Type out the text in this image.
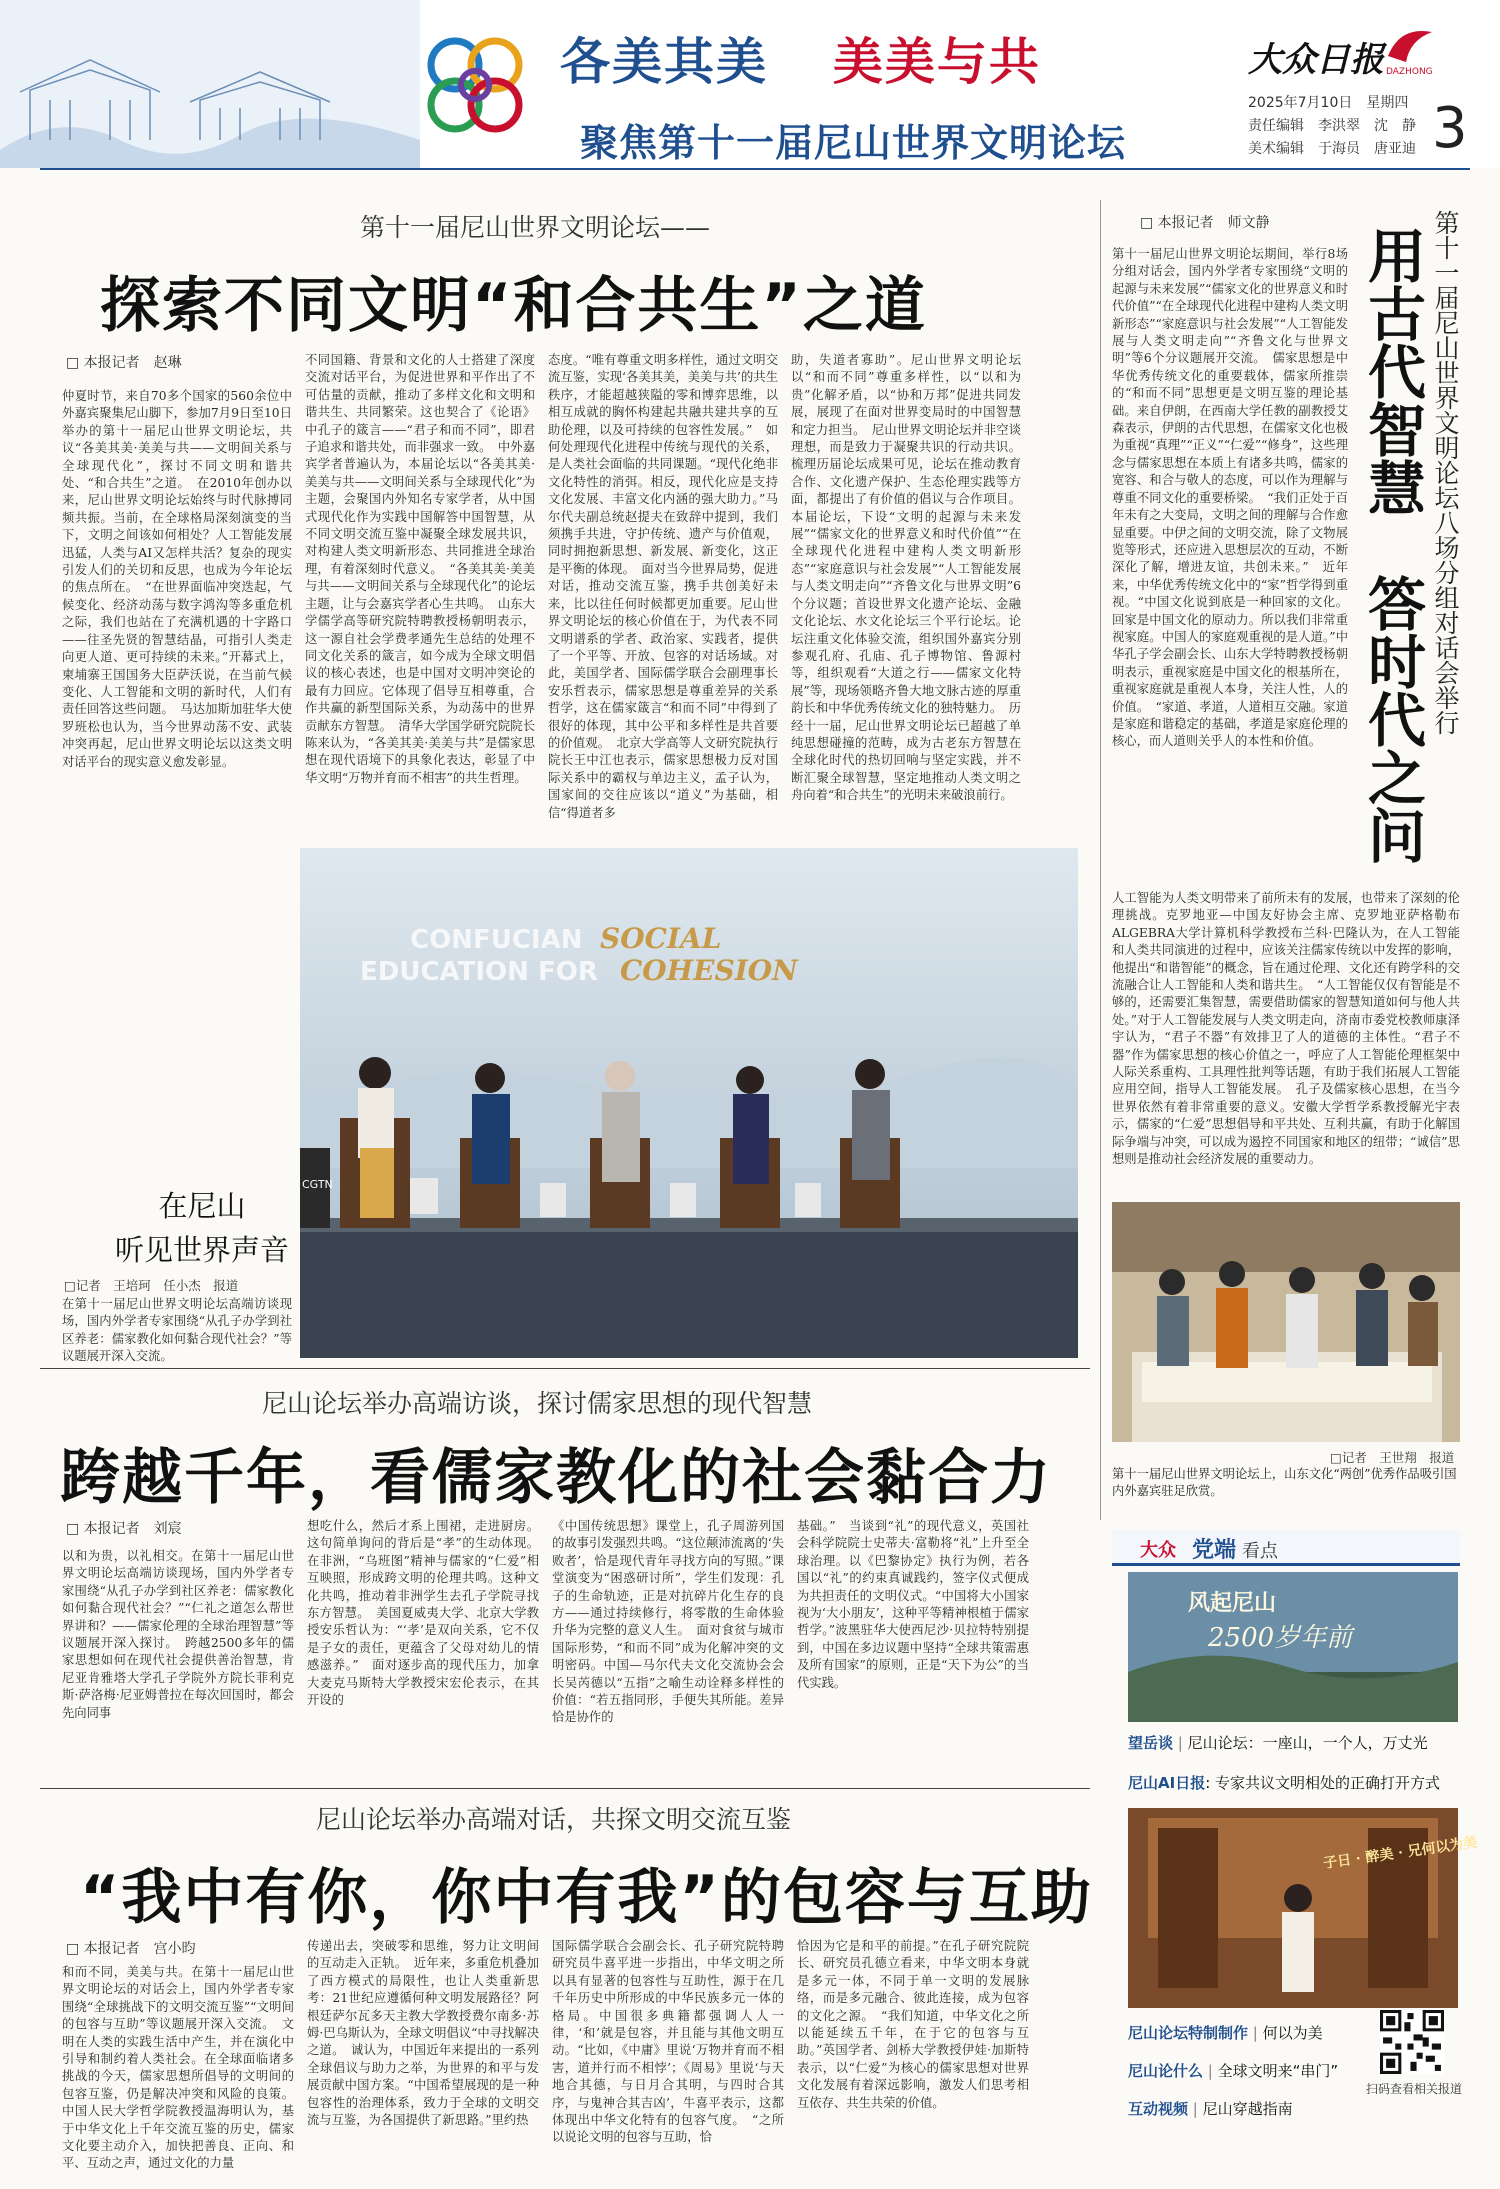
各美其美 美美与共
聚焦第十一届尼山世界文明论坛
大众日报 DAZHONG
2025年7月10日　星期四
责任编辑　李洪翠　沈　静
美术编辑　于海员　唐亚迪 3
第十一届尼山世界文明论坛——
探索不同文明“和合共生”之道
□ 本报记者　赵琳
仲夏时节，来自70多个国家的560余位中外嘉宾聚集尼山脚下，参加7月9日至10日举办的第十一届尼山世界文明论坛，共议“各美其美·美美与共——文明间关系与全球现代化”，探讨不同文明和谐共处、“和合共生”之道。　在2010年创办以来，尼山世界文明论坛始终与时代脉搏同频共振。当前，在全球格局深刻演变的当下，文明之间该如何相处？人工智能发展迅猛，人类与AI又怎样共活？复杂的现实引发人们的关切和反思，也成为今年论坛的焦点所在。　“在世界面临冲突迭起，气候变化、经济动荡与数字鸿沟等多重危机之际，我们也站在了充满机遇的十字路口——往圣先贤的智慧结晶，可指引人类走向更人道、更可持续的未来。”开幕式上，柬埔寨王国国务大臣萨沃说，在当前气候变化、人工智能和文明的新时代，人们有责任回答这些问题。　马达加斯加驻华大使罗班松也认为，当今世界动荡不安、武装冲突再起，尼山世界文明论坛以这类文明对话平台的现实意义愈发彰显。
不同国籍、背景和文化的人士搭建了深度交流对话平台，为促进世界和平作出了不可估量的贡献，推动了多样文化和文明和谐共生、共同繁荣。这也契合了《论语》中孔子的箴言——“君子和而不同”，即君子追求和谐共处，而非强求一致。　中外嘉宾学者普遍认为，本届论坛以“各美其美·美美与共——文明间关系与全球现代化”为主题，会聚国内外知名专家学者，从中国式现代化作为实践中国解答中国智慧，从不同文明交流互鉴中凝聚全球发展共识，对构建人类文明新形态、共同推进全球治理，有着深刻时代意义。　“各美其美·美美与共——文明间关系与全球现代化”的论坛主题，让与会嘉宾学者心生共鸣。　山东大学儒学高等研究院特聘教授杨朝明表示，这一源自社会学费孝通先生总结的处理不同文化关系的箴言，如今成为全球文明倡议的核心表述，也是中国对文明冲突论的最有力回应。它体现了倡导互相尊重，合作共赢的新型国际关系，为动荡中的世界贡献东方智慧。　清华大学国学研究院院长陈来认为，“各美其美·美美与共”是儒家思想在现代语境下的具象化表达，彰显了中华文明“万物并育而不相害”的共生哲理。
态度。“唯有尊重文明多样性，通过文明交流互鉴，实现‘各美其美，美美与共’的共生秩序，才能超越狭隘的零和博弈思维，以相互成就的胸怀构建起共融共建共享的互助伦理，以及可持续的包容性发展。”　如何处理现代化进程中传统与现代的关系，是人类社会面临的共同课题。“现代化绝非文化特性的消弭。相反，现代化应是支持文化发展、丰富文化内涵的强大助力。”马尔代夫副总统赵提夫在致辞中提到，我们须携手共进，守护传统、遗产与价值观，同时拥抱新思想、新发展、新变化，这正是平衡的体现。　面对当今世界局势，促进对话，推动交流互鉴，携手共创美好未来，比以往任何时候都更加重要。尼山世界文明论坛的核心价值在于，为代表不同文明谱系的学者、政治家、实践者，提供了一个平等、开放、包容的对话场域。对此，美国学者、国际儒学联合会副理事长安乐哲表示，儒家思想是尊重差异的关系哲学，这在儒家箴言“和而不同”中得到了很好的体现，其中公平和多样性是共首要的价值观。　北京大学高等人文研究院执行院长王中江也表示，儒家思想极力反对国际关系中的霸权与单边主义，孟子认为，国家间的交往应该以“道义”为基础，相信“得道者多
助，失道者寡助”。尼山世界文明论坛以“和而不同”尊重多样性，以“以和为贵”化解矛盾，以“协和万邦”促进共同发展，展现了在面对世界变局时的中国智慧和定力担当。　尼山世界文明论坛并非空谈理想，而是致力于凝聚共识的行动共识。梳理历届论坛成果可见，论坛在推动教育合作、文化遗产保护、生态伦理实践等方面，都提出了有价值的倡议与合作项目。本届论坛，下设“文明的起源与未来发展”“儒家文化的世界意义和时代价值”“在全球现代化进程中建构人类文明新形态”“家庭意识与社会发展”“人工智能发展与人类文明走向”“齐鲁文化与世界文明”6个分议题；首设世界文化遗产论坛、金融文化论坛、水文化论坛三个平行论坛。论坛注重文化体验交流，组织国外嘉宾分别参观孔府、孔庙、孔子博物馆、鲁源村等，组织观看“大道之行——儒家文化特展”等，现场领略齐鲁大地文脉古迹的厚重韵长和中华优秀传统文化的独特魅力。　历经十一届，尼山世界文明论坛已超越了单纯思想碰撞的范畴，成为古老东方智慧在全球化时代的热切回响与坚定实践，并不断汇聚全球智慧，坚定地推动人类文明之舟向着“和合共生”的光明未来破浪前行。
CONFUCIAN
EDUCATION FOR
SOCIAL
COHESION
CGTN
在尼山
听见世界声音
□记者　王培珂　任小杰　报道
在第十一届尼山世界文明论坛高端访谈现场，国内外学者专家围绕“从孔子办学到社区养老：儒家教化如何黏合现代社会？”等议题展开深入交流。
尼山论坛举办高端访谈，探讨儒家思想的现代智慧
跨越千年，看儒家教化的社会黏合力
□ 本报记者　刘宸
以和为贵，以礼相交。在第十一届尼山世界文明论坛高端访谈现场，国内外学者专家围绕“从孔子办学到社区养老：儒家教化如何黏合现代社会？”“仁礼之道怎么帮世界讲和？——儒家伦理的全球治理智慧”等议题展开深入探讨。　跨越2500多年的儒家思想如何在现代社会提供善治智慧，肯尼亚肯雅塔大学孔子学院外方院长菲利克斯·萨洛梅·尼亚姆普拉在每次回国时，都会先向同事
想吃什么，然后才系上围裙，走进厨房。这句简单询问的背后是“孝”的生动体现。在非洲，“乌班图”精神与儒家的“仁爱”相互映照，形成跨文明的伦理共鸣。这种文化共鸣，推动着非洲学生去孔子学院寻找东方智慧。　美国夏威夷大学、北京大学教授安乐哲认为：“‘孝’是双向关系，它不仅是子女的责任，更蕴含了父母对幼儿的情感滋养。”　面对逐步高的现代压力，加拿大麦克马斯特大学教授宋宏伦表示，在其开设的
《中国传统思想》课堂上，孔子周游列国的故事引发强烈共鸣。“这位颠沛流离的‘失败者’，恰是现代青年寻找方向的写照。”课堂演变为“困惑研讨所”，学生们发现：孔子的生命轨迹，正是对抗碎片化生存的良方——通过持续修行，将零散的生命体验升华为完整的意义人生。　面对食贫与城市国际形势，“和而不同”成为化解冲突的文明密码。中国—马尔代夫文化交流协会会长吴芮德以“五指”之喻生动诠释多样性的价值：“若五指同形，手便失其所能。差异恰是协作的
基础。”　当谈到“礼”的现代意义，英国社会科学院院士史蒂夫·富勒将“礼”上升至全球治理。以《巴黎协定》执行为例，若各国以“礼”的约束真诚践约，签字仪式便成为共担责任的文明仪式。“中国将大小国家视为‘大小朋友’，这种平等精神根植于儒家哲学。”波黑驻华大使西尼沙·贝拉特特别提到，中国在多边议题中坚持“全球共策需惠及所有国家”的原则，正是“天下为公”的当代实践。
尼山论坛举办高端对话，共探文明交流互鉴
“我中有你，你中有我”的包容与互助
□ 本报记者　宫小昀
和而不同，美美与共。在第十一届尼山世界文明论坛的对话会上，国内外学者专家围绕“全球挑战下的文明交流互鉴”“文明间的包容与互助”等议题展开深入交流。　文明在人类的实践生活中产生，并在演化中引导和制约着人类社会。在全球面临诸多挑战的今天，儒家思想所倡导的文明间的包容互鉴，仍是解决冲突和风险的良策。中国人民大学哲学院教授温海明认为，基于中华文化上千年交流互鉴的历史，儒家文化要主动介入，加快把善良、正向、和平、互动之声，通过文化的力量
传递出去，突破零和思维，努力让文明间的互动走入正轨。　近年来，多重危机叠加了西方模式的局限性，也让人类重新思考：21世纪应遵循何种文明发展路径？阿根廷萨尔瓦多天主教大学教授费尔南多·苏姆·巴乌斯认为，全球文明倡议“中寻找解决之道。　诚认为，中国近年来提出的一系列全球倡议与助力之举，为世界的和平与发展贡献中国方案。“中国希望展现的是一种包容性的治理体系，致力于全球的文明交流与互鉴，为各国提供了新思路。”里约热
国际儒学联合会副会长、孔子研究院特聘研究员牛喜平进一步指出，中华文明之所以具有显著的包容性与互助性，源于在几千年历史中所形成的中华民族多元一体的格局。中国很多典籍都强调人人一律，‘和’就是包容，并且能与其他文明互动。“比如，《中庸》里说‘万物并育而不相害，道并行而不相悖’；《周易》里说‘与天地合其德，与日月合其明，与四时合其序，与鬼神合其吉凶’，牛喜平表示，这都体现出中华文化特有的包容气度。　“之所以说论文明的包容与互助，恰
恰因为它是和平的前提。”在孔子研究院院长、研究员孔德立看来，中华文明本身就是多元一体，不同于单一文明的发展脉络，而是多元融合、彼此连接，成为包容的文化之源。　“我们知道，中华文化之所以能延续五千年，在于它的包容与互助。”英国学者、剑桥大学教授伊娃·加斯特表示，以“仁爱”为核心的儒家思想对世界文化发展有着深远影响，激发人们思考相互依存、共生共荣的价值。
□ 本报记者　师文静	第十一届尼山世界文明论坛八场分组对话会举行
用古代智慧　答时代之问
第十一届尼山世界文明论坛期间，举行8场分组对话会，国内外学者专家围绕“文明的起源与未来发展”“儒家文化的世界意义和时代价值”“在全球现代化进程中建构人类文明新形态”“家庭意识与社会发展”“人工智能发展与人类文明走向”“齐鲁文化与世界文明”等6个分议题展开交流。　儒家思想是中华优秀传统文化的重要载体，儒家所推崇的“和而不同”思想更是文明互鉴的理论基础。来自伊朗，在西南大学任教的副教授艾森表示，伊朗的古代思想，在儒家文化也极为重视“真理”“正义”“仁爱”“修身”，这些理念与儒家思想在本质上有诸多共鸣，儒家的宽容、和合与敬人的态度，可以作为理解与尊重不同文化的重要桥梁。　“我们正处于百年未有之大变局，文明之间的理解与合作愈显重要。中伊之间的文明交流，除了文物展览等形式，还应进入思想层次的互动，不断深化了解，增进友谊，共创未来。”　近年来，中华优秀传统文化中的“家”哲学得到重视。“中国文化说到底是一种回家的文化。回家是中国文化的原动力。所以我们非常重视家庭。中国人的家庭观重视的是人道。”中华孔子学会副会长、山东大学特聘教授杨朝明表示，重视家庭是中国文化的根基所在，重视家庭就是重视人本身，关注人性，人的价值。　“家道、孝道，人道相互交融。家道是家庭和谐稳定的基础，孝道是家庭伦理的核心，而人道则关乎人的本性和价值。
人工智能为人类文明带来了前所未有的发展，也带来了深刻的伦理挑战。克罗地亚—中国友好协会主席、克罗地亚萨格勒布ALGEBRA大学计算机科学教授布兰科·巴隆认为，在人工智能和人类共同演进的过程中，应该关注儒家传统以中发挥的影响，他提出“和谐智能”的概念，旨在通过伦理、文化还有跨学科的交流融合让人工智能和人类和谐共生。　“人工智能仅仅有智能是不够的，还需要汇集智慧，需要借助儒家的智慧知道如何与他人共处。”对于人工智能发展与人类文明走向，济南市委党校教师康泽宇认为，“君子不器”有效排卫了人的道德的主体性。“君子不器”作为儒家思想的核心价值之一，呼应了人工智能伦理框架中人际关系重构、工具理性批判等话题，有助于我们拓展人工智能应用空间，指导人工智能发展。　孔子及儒家核心思想，在当今世界依然有着非常重要的意义。安徽大学哲学系教授解光宇表示，儒家的“仁爱”思想倡导和平共处、互利共赢，有助于化解国际争端与冲突，可以成为遏控不同国家和地区的纽带；“诚信”思想则是推动社会经济发展的重要动力。
□记者　王世翔　报道
第十一届尼山世界文明论坛上，山东文化“两创”优秀作品吸引国内外嘉宾驻足欣赏。
大众 党端 看点
风起尼山
2500岁年前
望岳谈 | 尼山论坛：一座山，一个人，万丈光
尼山AI日报: 专家共议文明相处的正确打开方式
子日 · 醉美 · 兄何以为美
尼山论坛特制制作 | 何以为美
尼山论什么 | 全球文明来“串门”
互动视频 | 尼山穿越指南
扫码查看相关报道
